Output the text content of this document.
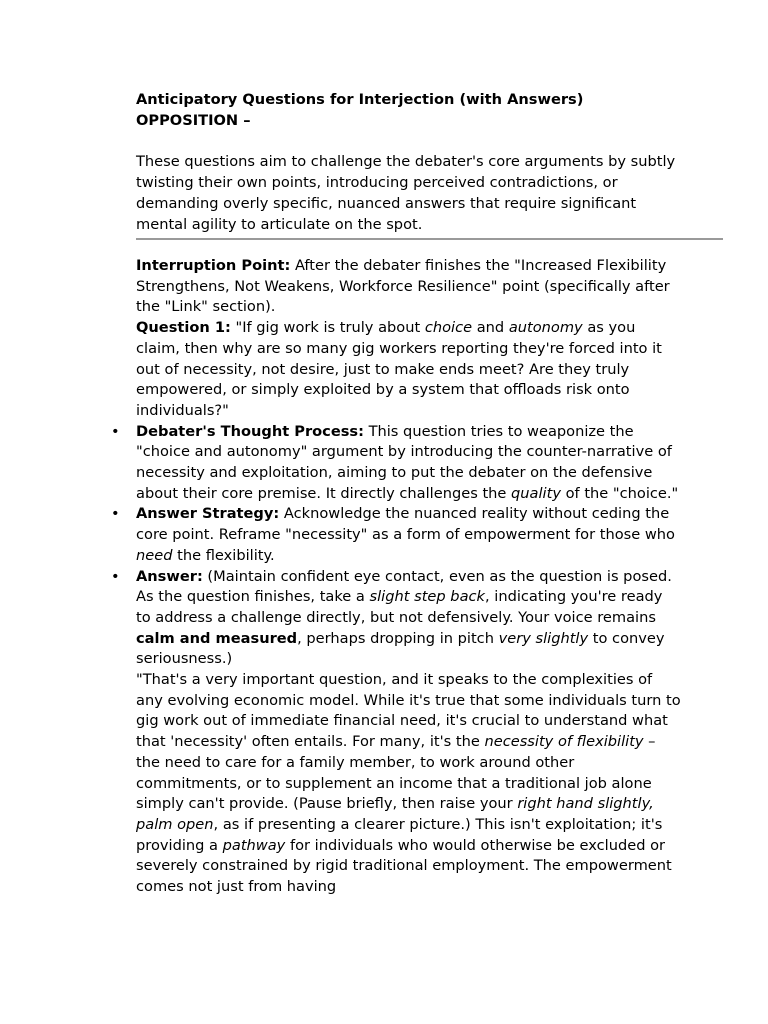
Anticipatory Questions for Interjection (with Answers)
OPPOSITION –

These questions aim to challenge the debater's core arguments by subtly twisting their own points, introducing perceived contradictions, or demanding overly specific, nuanced answers that require significant mental agility to articulate on the spot.

Interruption Point: After the debater finishes the "Increased Flexibility Strengthens, Not Weakens, Workforce Resilience" point (specifically after the "Link" section).

Question 1: "If gig work is truly about choice and autonomy as you claim, then why are so many gig workers reporting they're forced into it out of necessity, not desire, just to make ends meet? Are they truly empowered, or simply exploited by a system that offloads risk onto individuals?"

• Debater's Thought Process: This question tries to weaponize the "choice and autonomy" argument by introducing the counter-narrative of necessity and exploitation, aiming to put the debater on the defensive about their core premise. It directly challenges the quality of the "choice."
• Answer Strategy: Acknowledge the nuanced reality without ceding the core point. Reframe "necessity" as a form of empowerment for those who need the flexibility.
• Answer: (Maintain confident eye contact, even as the question is posed. As the question finishes, take a slight step back, indicating you're ready to address a challenge directly, but not defensively. Your voice remains calm and measured, perhaps dropping in pitch very slightly to convey seriousness.)
"That's a very important question, and it speaks to the complexities of any evolving economic model. While it's true that some individuals turn to gig work out of immediate financial need, it's crucial to understand what that 'necessity' often entails. For many, it's the necessity of flexibility – the need to care for a family member, to work around other commitments, or to supplement an income that a traditional job alone simply can't provide. (Pause briefly, then raise your right hand slightly, palm open, as if presenting a clearer picture.) This isn't exploitation; it's providing a pathway for individuals who would otherwise be excluded or severely constrained by rigid traditional employment. The empowerment comes not just from having
